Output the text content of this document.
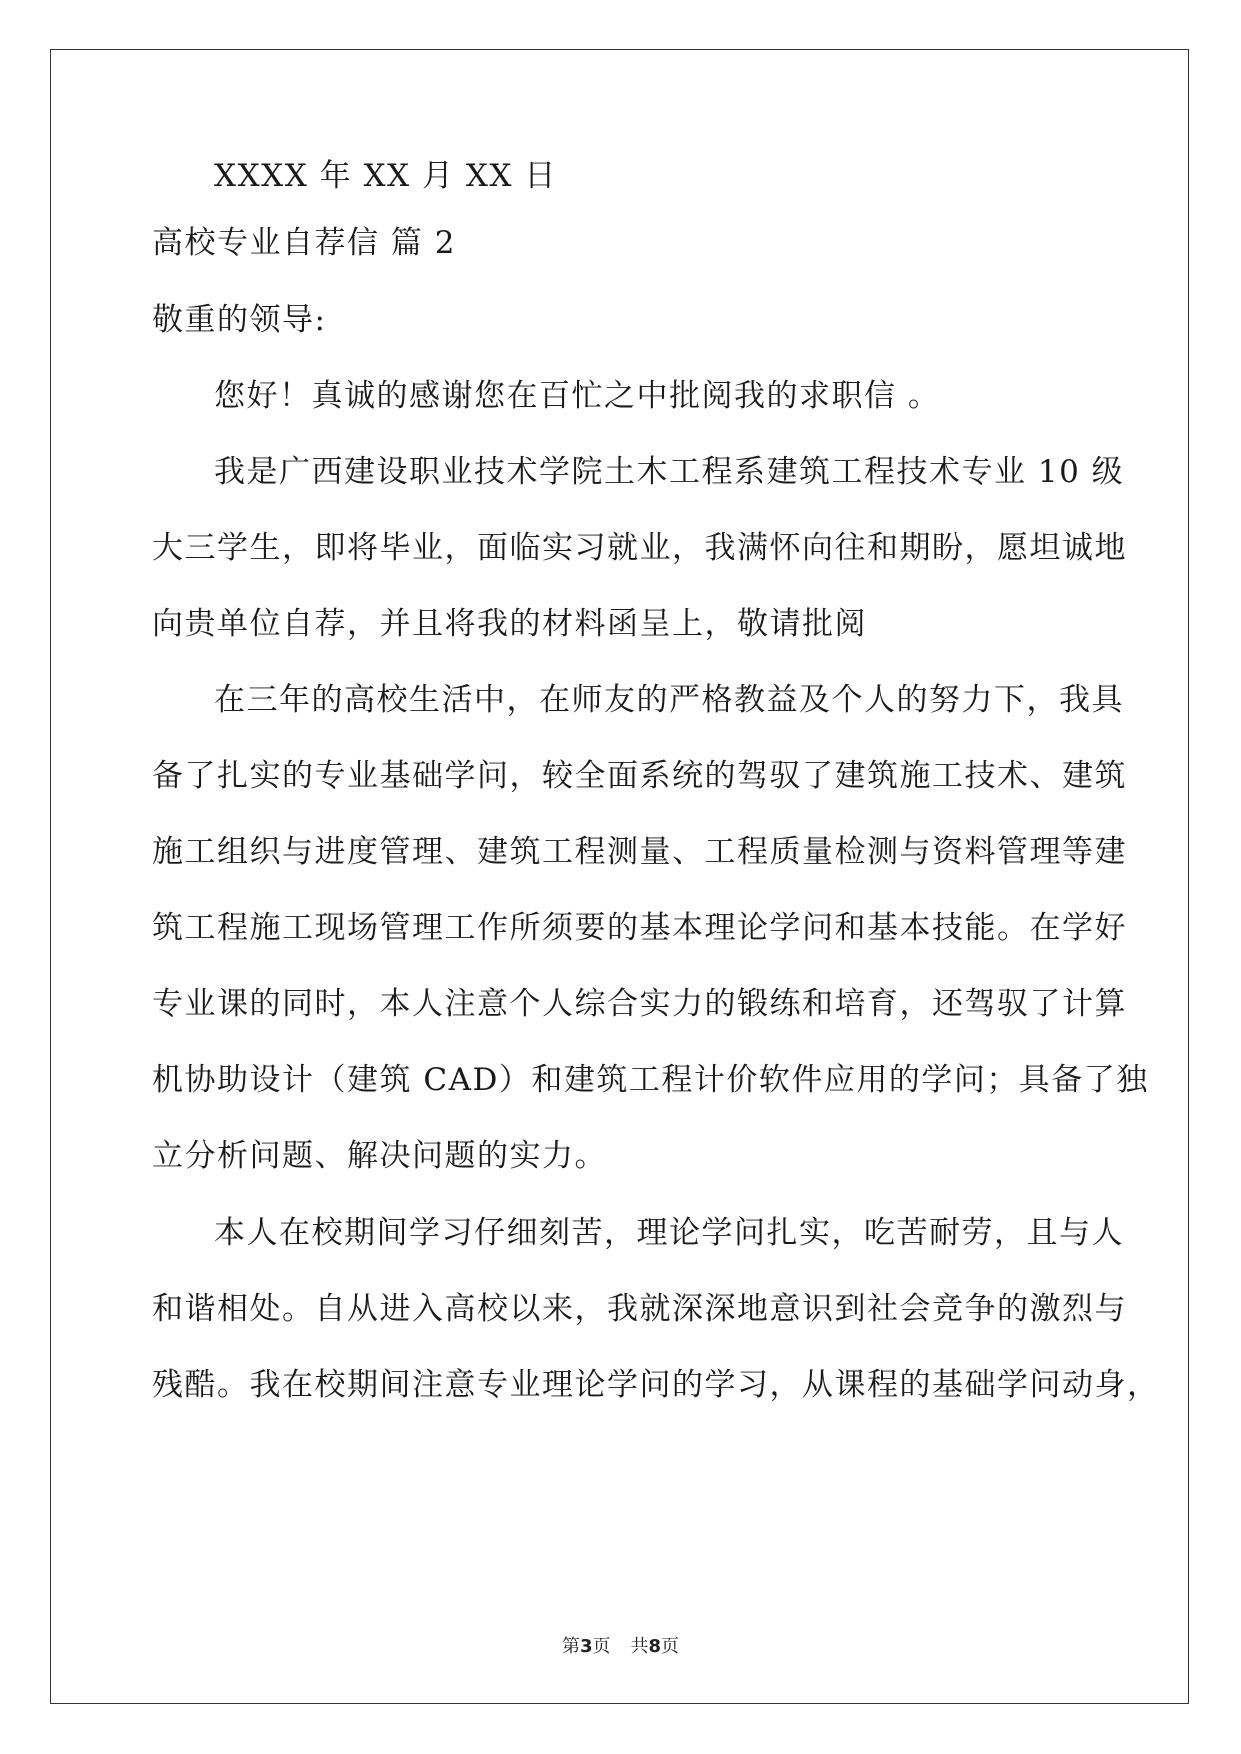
XXXX 年 XX 月 XX 日
高校专业自荐信 篇 2
敬重的领导:
您好！真诚的感谢您在百忙之中批阅我的求职信 。
我是广西建设职业技术学院土木工程系建筑工程技术专业 10 级
大三学生，即将毕业，面临实习就业，我满怀向往和期盼，愿坦诚地
向贵单位自荐，并且将我的材料函呈上，敬请批阅
在三年的高校生活中，在师友的严格教益及个人的努力下，我具
备了扎实的专业基础学问，较全面系统的驾驭了建筑施工技术、建筑
施工组织与进度管理、建筑工程测量、工程质量检测与资料管理等建
筑工程施工现场管理工作所须要的基本理论学问和基本技能。在学好
专业课的同时，本人注意个人综合实力的锻练和培育，还驾驭了计算
机协助设计（建筑 CAD）和建筑工程计价软件应用的学问；具备了独
立分析问题、解决问题的实力。
本人在校期间学习仔细刻苦，理论学问扎实，吃苦耐劳，且与人
和谐相处。自从进入高校以来，我就深深地意识到社会竞争的激烈与
残酷。我在校期间注意专业理论学问的学习，从课程的基础学问动身，
第3页 共8页
